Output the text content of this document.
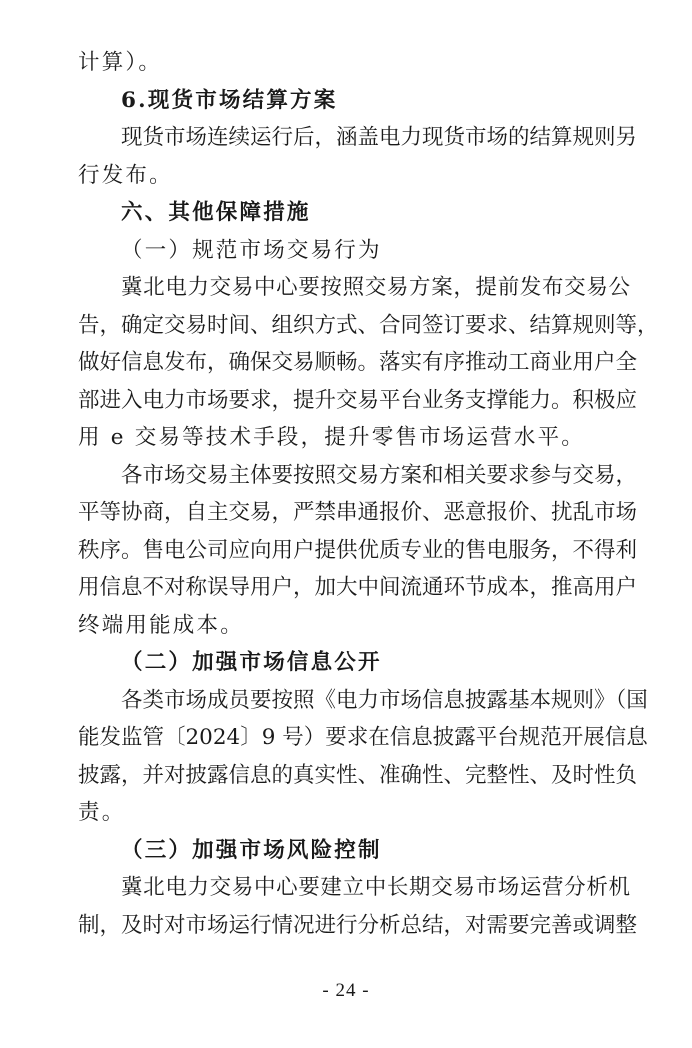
计算）。
6.现货市场结算方案
现货市场连续运行后，涵盖电力现货市场的结算规则另
行发布。
六、其他保障措施
（一）规范市场交易行为
冀北电力交易中心要按照交易方案，提前发布交易公
告，确定交易时间、组织方式、合同签订要求、结算规则等，
做好信息发布，确保交易顺畅。落实有序推动工商业用户全
部进入电力市场要求，提升交易平台业务支撑能力。积极应
用 e 交易等技术手段，提升零售市场运营水平。
各市场交易主体要按照交易方案和相关要求参与交易，
平等协商，自主交易，严禁串通报价、恶意报价、扰乱市场
秩序。售电公司应向用户提供优质专业的售电服务，不得利
用信息不对称误导用户，加大中间流通环节成本，推高用户
终端用能成本。
（二）加强市场信息公开
各类市场成员要按照《电力市场信息披露基本规则》（国
能发监管〔2024〕9 号）要求在信息披露平台规范开展信息
披露，并对披露信息的真实性、准确性、完整性、及时性负
责。
（三）加强市场风险控制
冀北电力交易中心要建立中长期交易市场运营分析机
制，及时对市场运行情况进行分析总结，对需要完善或调整
- 24 -
